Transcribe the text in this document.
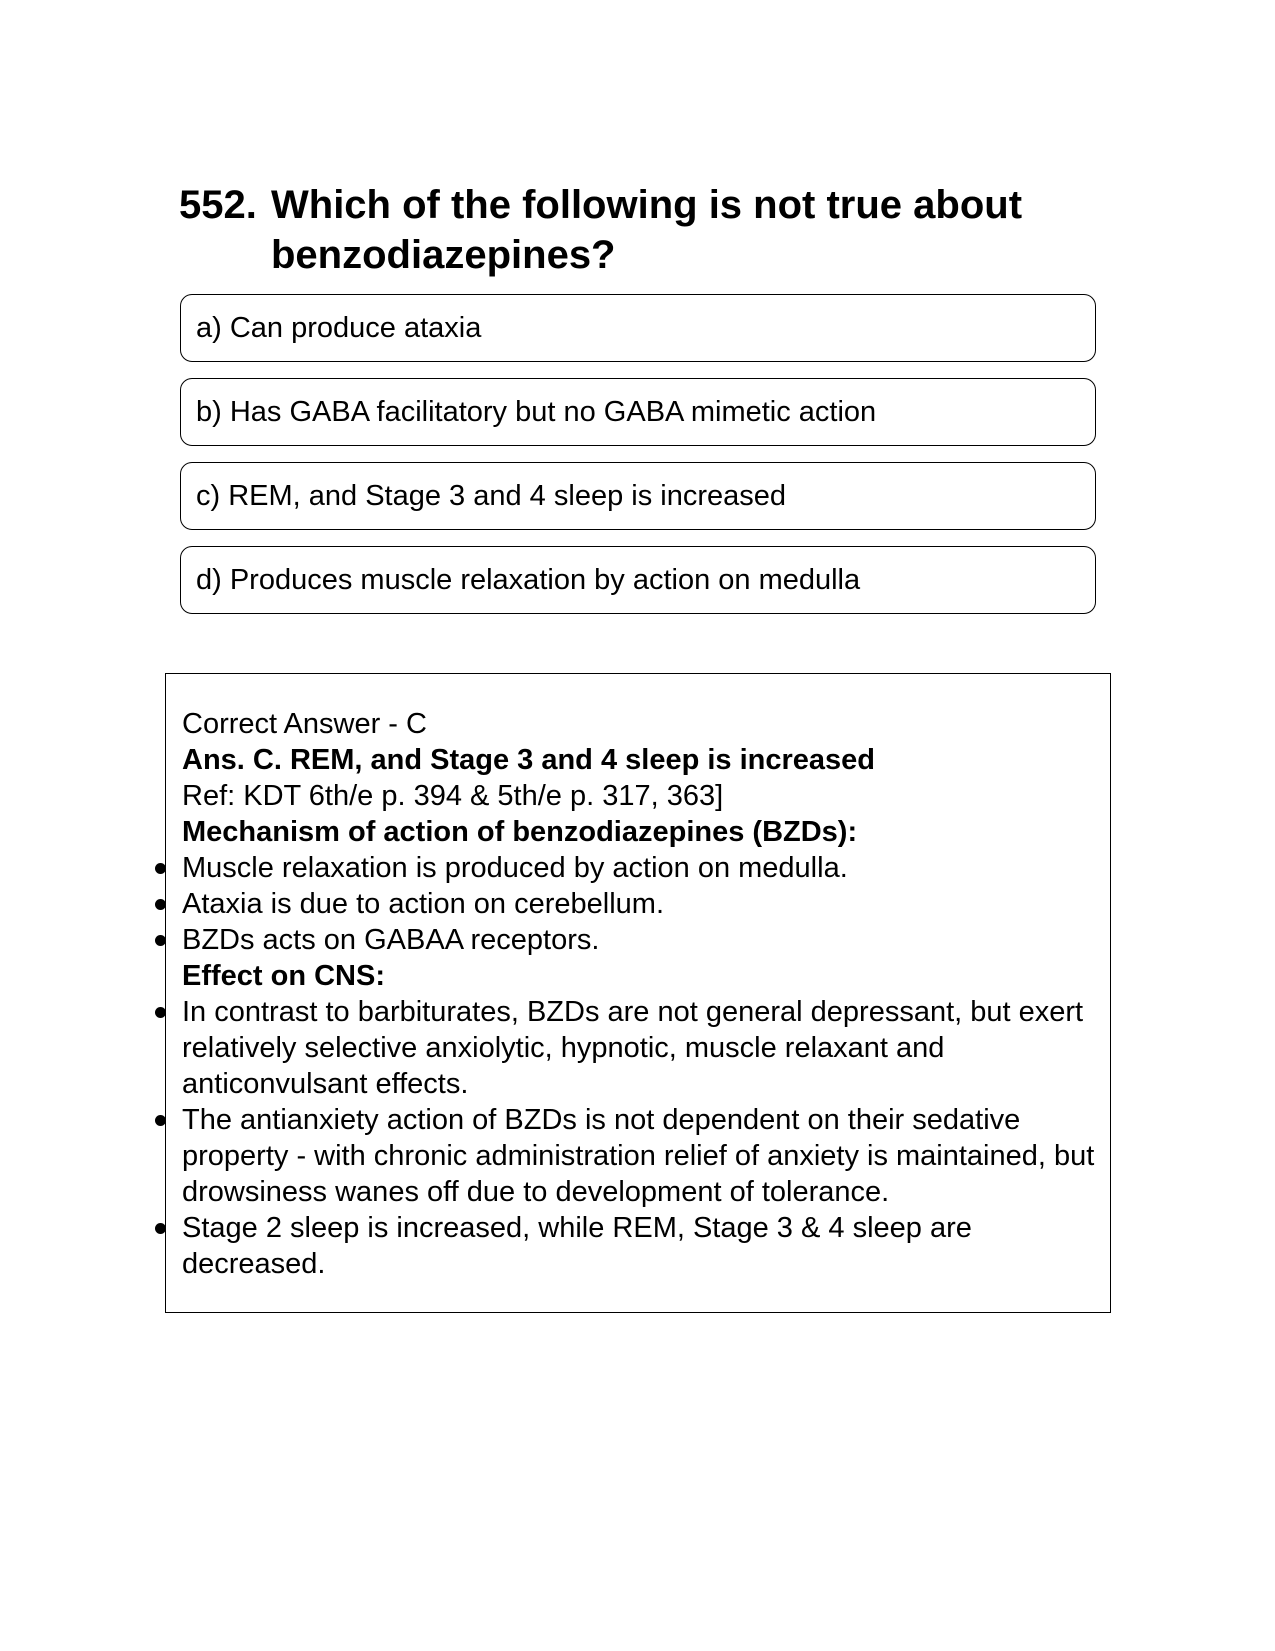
552. Which of the following is not true about benzodiazepines?
a) Can produce ataxia
b) Has GABA facilitatory but no GABA mimetic action
c) REM, and Stage 3 and 4 sleep is increased
d) Produces muscle relaxation by action on medulla
Correct Answer - C
Ans. C. REM, and Stage 3 and 4 sleep is increased
Ref: KDT 6th/e p. 394 & 5th/e p. 317, 363]
Mechanism of action of benzodiazepines (BZDs):
Muscle relaxation is produced by action on medulla.
Ataxia is due to action on cerebellum.
BZDs acts on GABAA receptors.
Effect on CNS:
In contrast to barbiturates, BZDs are not general depressant, but exert relatively selective anxiolytic, hypnotic, muscle relaxant and anticonvulsant effects.
The antianxiety action of BZDs is not dependent on their sedative property - with chronic administration relief of anxiety is maintained, but drowsiness wanes off due to development of tolerance.
Stage 2 sleep is increased, while REM, Stage 3 & 4 sleep are decreased.
